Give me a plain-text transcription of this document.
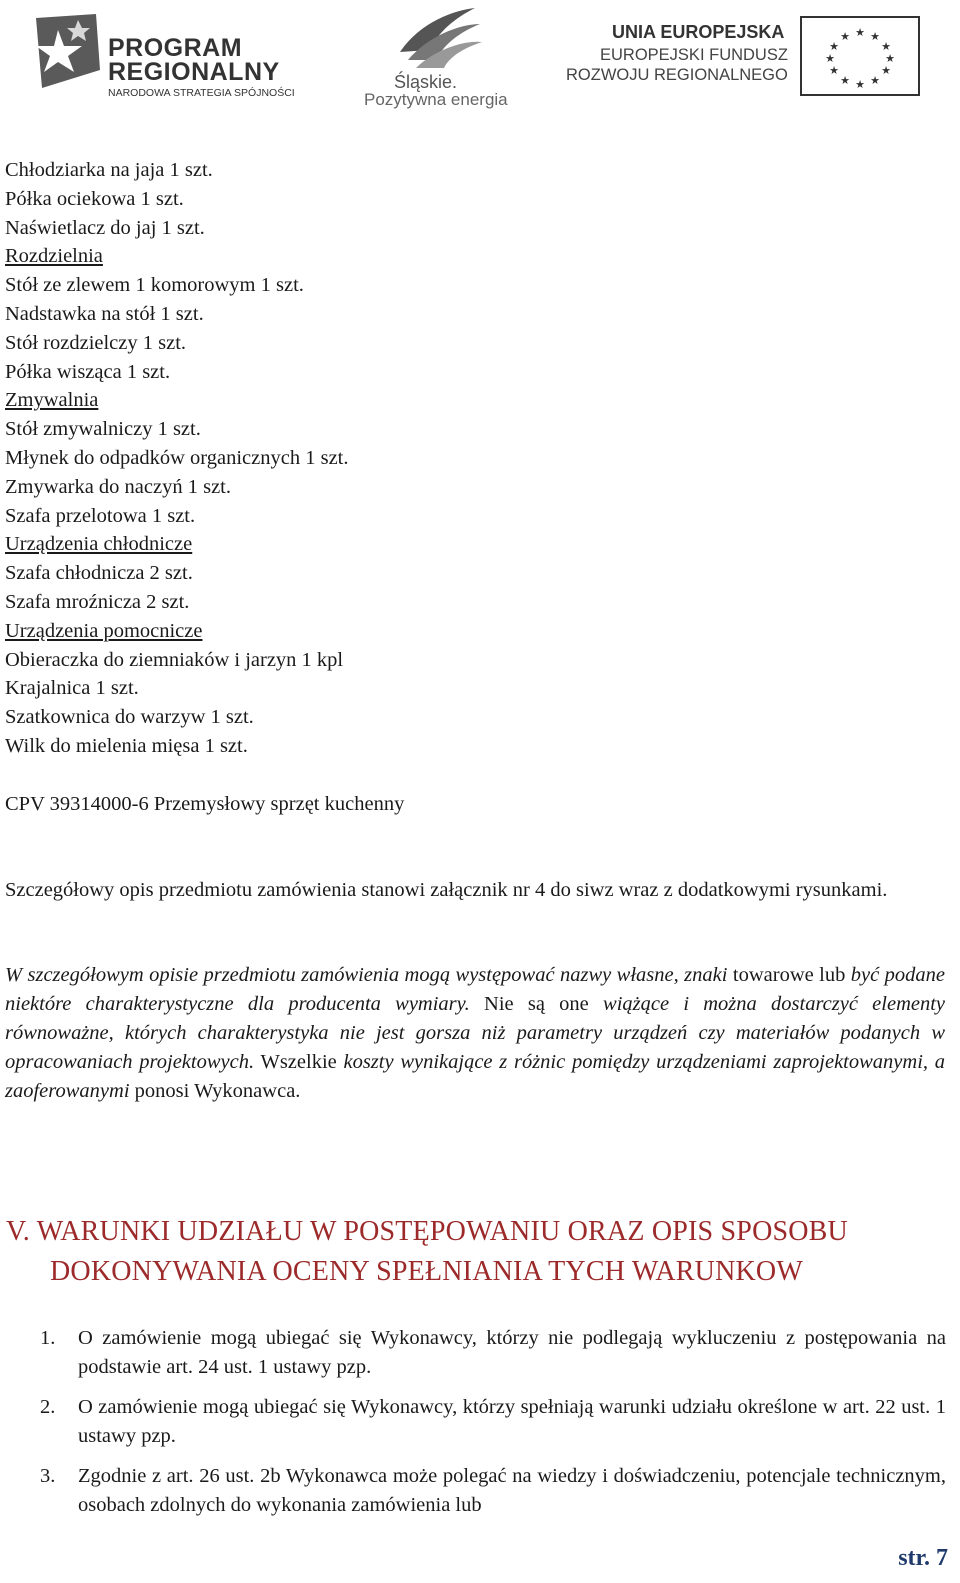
PROGRAM
REGIONALNY
NARODOWA STRATEGIA SPÓJNOŚCI
Śląskie.
Pozytywna energia
UNIA EUROPEJSKA
EUROPEJSKI FUNDUSZ
ROZWOJU REGIONALNEGO
★ ★
★
★
★
★
★
★
★
★
★
★
Chłodziarka na jaja 1 szt.
Półka ociekowa 1 szt.
Naświetlacz do jaj 1 szt.
Rozdzielnia
Stół ze zlewem 1 komorowym 1 szt.
Nadstawka na stół 1 szt.
Stół rozdzielczy 1 szt.
Półka wisząca 1 szt.
Zmywalnia
Stół zmywalniczy 1 szt.
Młynek do odpadków organicznych 1 szt.
Zmywarka do naczyń 1 szt.
Szafa przelotowa 1 szt.
Urządzenia chłodnicze
Szafa chłodnicza 2 szt.
Szafa mroźnicza 2 szt.
Urządzenia pomocnicze
Obieraczka do ziemniaków i jarzyn 1 kpl
Krajalnica 1 szt.
Szatkownica do warzyw 1 szt.
Wilk do mielenia mięsa 1 szt.
CPV 39314000-6 Przemysłowy sprzęt kuchenny
Szczegółowy opis przedmiotu zamówienia stanowi załącznik nr 4 do siwz wraz z dodatkowymi rysunkami.
W szczegółowym opisie przedmiotu zamówienia mogą występować nazwy własne, znaki towarowe lub być podane niektóre charakterystyczne dla producenta wymiary. Nie są one wiążące i można dostarczyć elementy równoważne, których charakterystyka nie jest gorsza niż parametry urządzeń czy materiałów podanych w opracowaniach projektowych. Wszelkie koszty wynikające z różnic pomiędzy urządzeniami zaprojektowanymi, a zaoferowanymi ponosi Wykonawca.
V. WARUNKI UDZIAŁU W POSTĘPOWANIU ORAZ OPIS SPOSOBU
DOKONYWANIA OCENY SPEŁNIANIA TYCH WARUNKOW
1. O zamówienie mogą ubiegać się Wykonawcy, którzy nie podlegają wykluczeniu z postępowania na podstawie art. 24 ust. 1 ustawy pzp.
2. O zamówienie mogą ubiegać się Wykonawcy, którzy spełniają warunki udziału określone w art. 22 ust. 1 ustawy pzp.
3. Zgodnie z art. 26 ust. 2b Wykonawca może polegać na wiedzy i doświadczeniu, potencjale technicznym, osobach zdolnych do wykonania zamówienia lub
str. 7
